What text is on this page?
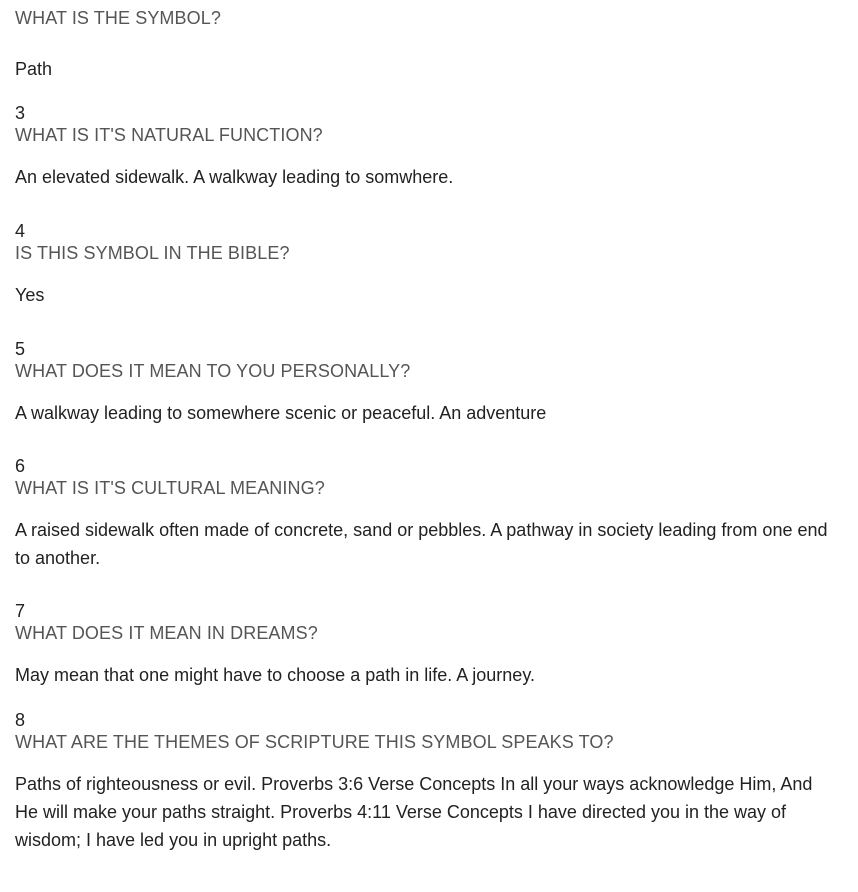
WHAT IS THE SYMBOL?
Path
3
WHAT IS IT'S NATURAL FUNCTION?
An elevated sidewalk. A walkway leading to somwhere.
4
IS THIS SYMBOL IN THE BIBLE?
Yes
5
WHAT DOES IT MEAN TO YOU PERSONALLY?
A walkway leading to somewhere scenic or peaceful. An adventure
6
WHAT IS IT'S CULTURAL MEANING?
A raised sidewalk often made of concrete, sand or pebbles. A pathway in society leading from one end to another.
7
WHAT DOES IT MEAN IN DREAMS?
May mean that one might have to choose a path in life. A journey.
8
WHAT ARE THE THEMES OF SCRIPTURE THIS SYMBOL SPEAKS TO?
Paths of righteousness or evil. Proverbs 3:6 Verse Concepts In all your ways acknowledge Him, And He will make your paths straight. Proverbs 4:11 Verse Concepts I have directed you in the way of wisdom; I have led you in upright paths.
